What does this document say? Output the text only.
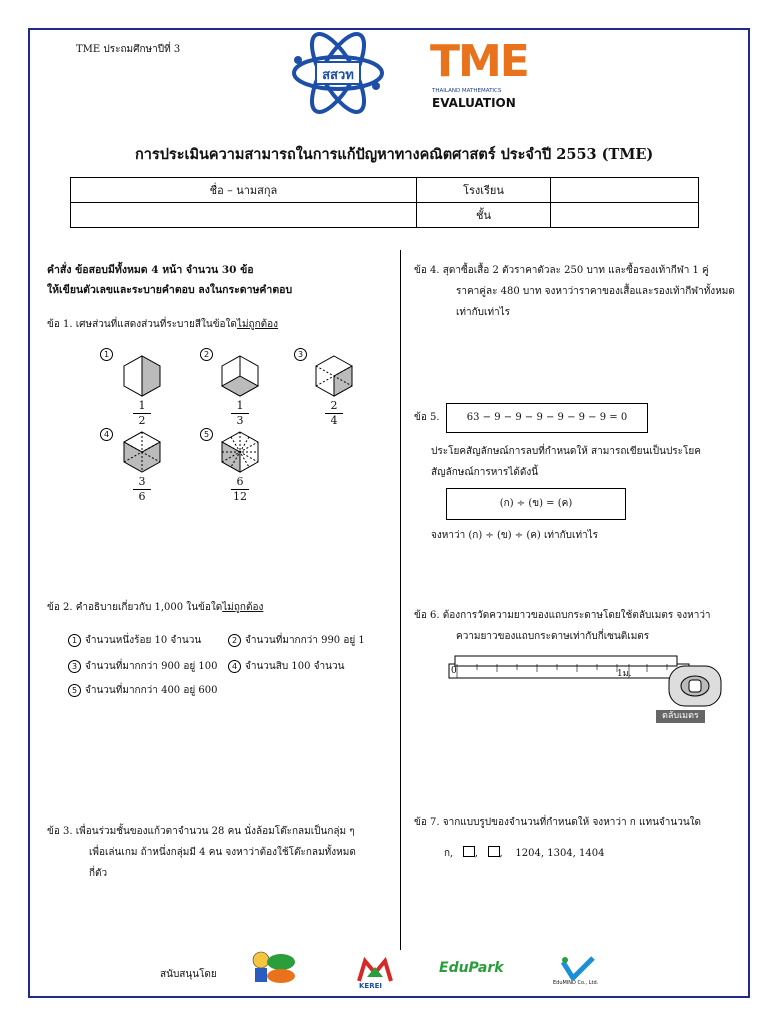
TME ประถมศึกษาปีที่ 3
สสวท TME
THAILAND MATHEMATICS
EVALUATION
การประเมินความสามารถในการแก้ปัญหาทางคณิตศาสตร์ ประจำปี 2553 (TME)
ชื่อ – นามสกุล	โรงเรียน	
	ชั้น	
คำสั่ง ข้อสอบมีทั้งหมด 4 หน้า จำนวน 30 ข้อ
ให้เขียนตัวเลขและระบายคำตอบ ลงในกระดาษคำตอบ
ข้อ 1. เศษส่วนที่แสดงส่วนที่ระบายสีในข้อใดไม่ถูกต้อง
1
1
2
2
1
3
3
2
4
4
3
6
5
6
12
ข้อ 2. คำอธิบายเกี่ยวกับ 1,000 ในข้อใดไม่ถูกต้อง
1 จำนวนหนึ่งร้อย 10 จำนวน	2 จำนวนที่มากกว่า 990 อยู่ 1
3 จำนวนที่มากกว่า 900 อยู่ 100	4 จำนวนสิบ 100 จำนวน
5 จำนวนที่มากกว่า 400 อยู่ 600
ข้อ 3. เพื่อนร่วมชั้นของแก้วตาจำนวน 28 คน นั่งล้อมโต๊ะกลมเป็นกลุ่ม ๆ
เพื่อเล่นเกม ถ้าหนึ่งกลุ่มมี 4 คน จงหาว่าต้องใช้โต๊ะกลมทั้งหมด
กี่ตัว
ข้อ 4. สุดาซื้อเสื้อ 2 ตัวราคาตัวละ 250 บาท และซื้อรองเท้ากีฬา 1 คู่
ราคาคู่ละ 480 บาท จงหาว่าราคาของเสื้อและรองเท้ากีฬาทั้งหมด
เท่ากับเท่าไร
ข้อ 5.	63 − 9 − 9 − 9 − 9 − 9 − 9 = 0
ประโยคสัญลักษณ์การลบที่กำหนดให้ สามารถเขียนเป็นประโยค
สัญลักษณ์การหารได้ดังนี้
(ก) ÷ (ข) = (ค)
จงหาว่า (ก) ÷ (ข) ÷ (ค) เท่ากับเท่าไร
ข้อ 6. ต้องการวัดความยาวของแถบกระดาษโดยใช้ตลับเมตร จงหาว่า
ความยาวของแถบกระดาษเท่ากับกี่เซนติเมตร
0	1ม.
ตลับเมตร
ข้อ 7. จากแบบรูปของจำนวนที่กำหนดให้ จงหาว่า ก แทนจำนวนใด
ก, ,   ,    1204, 1304, 1404
สนับสนุนโดย
KEREI
EduPark
EduMIND Co., Ltd.
